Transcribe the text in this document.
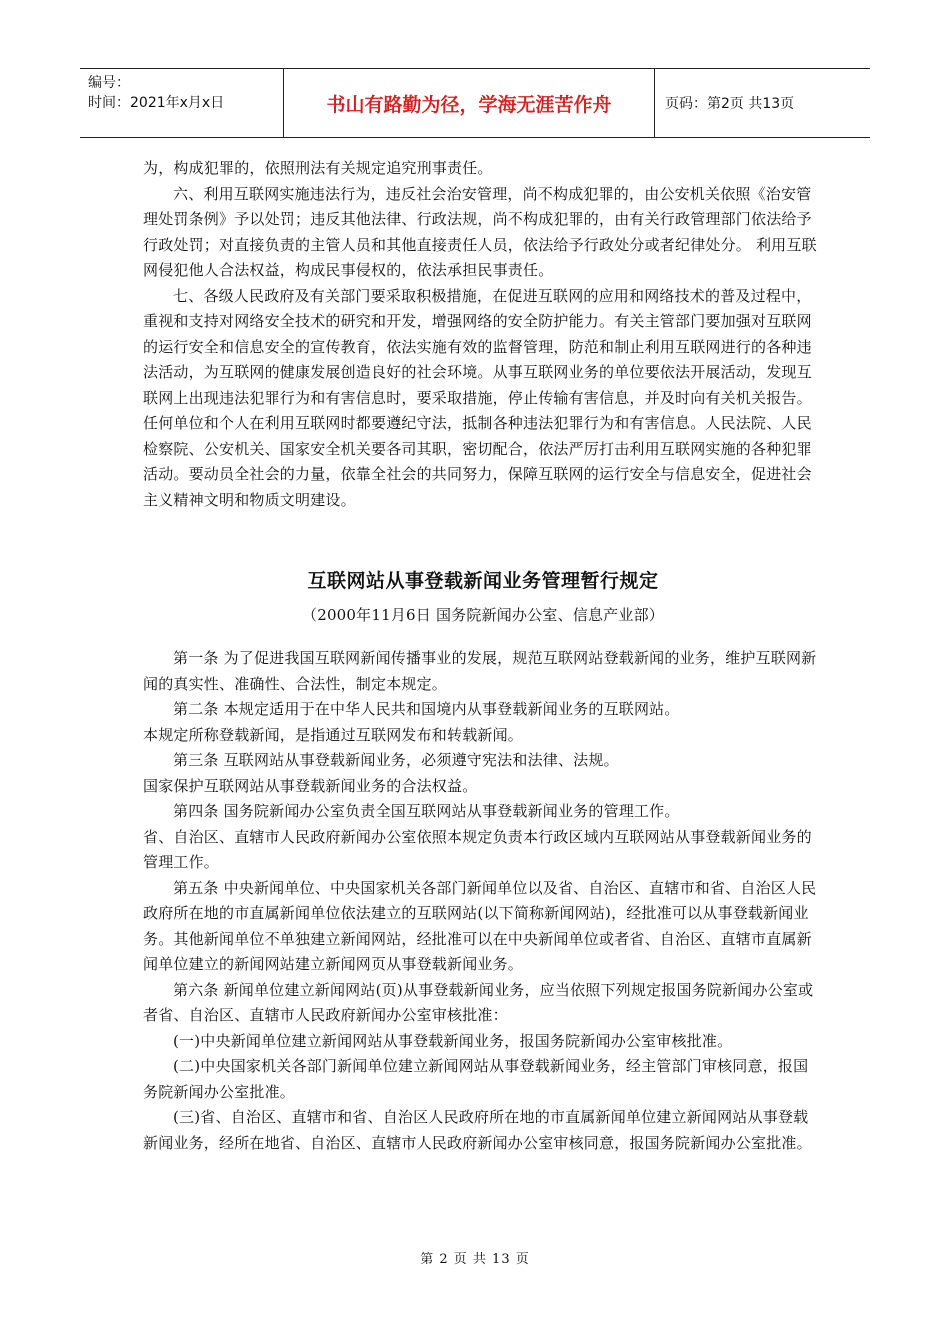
编号：
时间：2021年x月x日	书山有路勤为径，学海无涯苦作舟	页码：第2页 共13页

为，构成犯罪的，依照刑法有关规定追究刑事责任。

六、利用互联网实施违法行为，违反社会治安管理，尚不构成犯罪的，由公安机关依照《治安管理处罚条例》予以处罚；违反其他法律、行政法规，尚不构成犯罪的，由有关行政管理部门依法给予行政处罚；对直接负责的主管人员和其他直接责任人员，依法给予行政处分或者纪律处分。 利用互联网侵犯他人合法权益，构成民事侵权的，依法承担民事责任。

七、各级人民政府及有关部门要采取积极措施，在促进互联网的应用和网络技术的普及过程中，重视和支持对网络安全技术的研究和开发，增强网络的安全防护能力。有关主管部门要加强对互联网的运行安全和信息安全的宣传教育，依法实施有效的监督管理，防范和制止利用互联网进行的各种违法活动，为互联网的健康发展创造良好的社会环境。从事互联网业务的单位要依法开展活动，发现互联网上出现违法犯罪行为和有害信息时，要采取措施，停止传输有害信息，并及时向有关机关报告。任何单位和个人在利用互联网时都要遵纪守法，抵制各种违法犯罪行为和有害信息。人民法院、人民检察院、公安机关、国家安全机关要各司其职，密切配合，依法严厉打击利用互联网实施的各种犯罪活动。要动员全社会的力量，依靠全社会的共同努力，保障互联网的运行安全与信息安全，促进社会主义精神文明和物质文明建设。

互联网站从事登载新闻业务管理暂行规定

（2000年11月6日 国务院新闻办公室、信息产业部）

第一条 为了促进我国互联网新闻传播事业的发展，规范互联网站登载新闻的业务，维护互联网新闻的真实性、准确性、合法性，制定本规定。

第二条 本规定适用于在中华人民共和国境内从事登载新闻业务的互联网站。

本规定所称登载新闻，是指通过互联网发布和转载新闻。

第三条 互联网站从事登载新闻业务，必须遵守宪法和法律、法规。

国家保护互联网站从事登载新闻业务的合法权益。

第四条 国务院新闻办公室负责全国互联网站从事登载新闻业务的管理工作。

省、自治区、直辖市人民政府新闻办公室依照本规定负责本行政区域内互联网站从事登载新闻业务的管理工作。

第五条 中央新闻单位、中央国家机关各部门新闻单位以及省、自治区、直辖市和省、自治区人民政府所在地的市直属新闻单位依法建立的互联网站(以下简称新闻网站)，经批准可以从事登载新闻业务。其他新闻单位不单独建立新闻网站，经批准可以在中央新闻单位或者省、自治区、直辖市直属新闻单位建立的新闻网站建立新闻网页从事登载新闻业务。

第六条 新闻单位建立新闻网站(页)从事登载新闻业务，应当依照下列规定报国务院新闻办公室或者省、自治区、直辖市人民政府新闻办公室审核批准：

(一)中央新闻单位建立新闻网站从事登载新闻业务，报国务院新闻办公室审核批准。

(二)中央国家机关各部门新闻单位建立新闻网站从事登载新闻业务，经主管部门审核同意，报国务院新闻办公室批准。

(三)省、自治区、直辖市和省、自治区人民政府所在地的市直属新闻单位建立新闻网站从事登载新闻业务，经所在地省、自治区、直辖市人民政府新闻办公室审核同意，报国务院新闻办公室批准。

第 2 页 共 13 页
